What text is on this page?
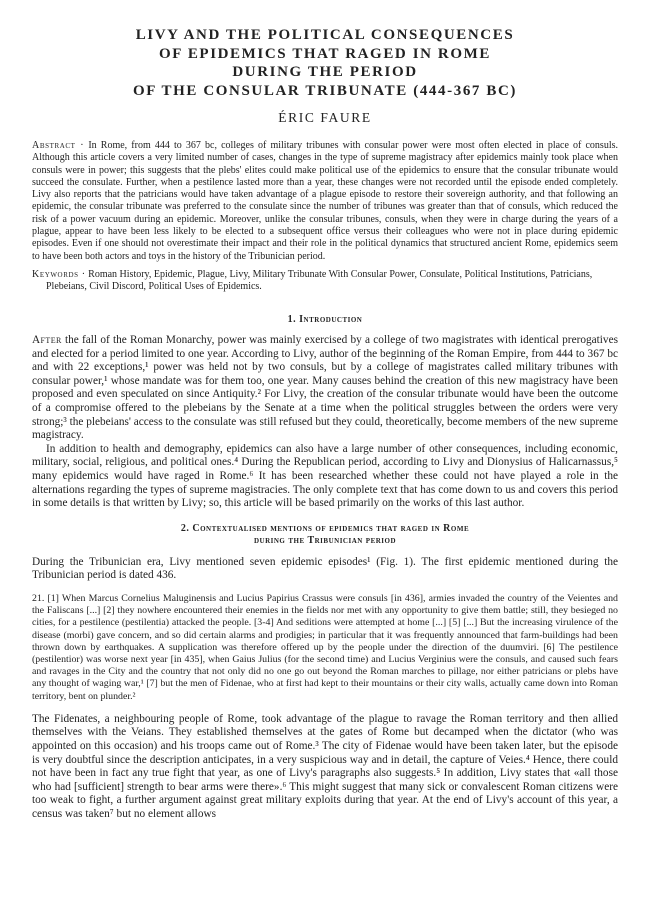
LIVY AND THE POLITICAL CONSEQUENCES
OF EPIDEMICS THAT RAGED IN ROME
DURING THE PERIOD
OF THE CONSULAR TRIBUNATE (444-367 BC)
ÉRIC FAURE
Abstract · In Rome, from 444 to 367 bc, colleges of military tribunes with consular power were most often elected in place of consuls. Although this article covers a very limited number of cases, changes in the type of supreme magistracy after epidemics mainly took place when consuls were in power; this suggests that the plebs' elites could make political use of the epidemics to ensure that the consular tribunate would succeed the consulate. Further, when a pestilence lasted more than a year, these changes were not recorded until the episode ended completely. Livy also reports that the patricians would have taken advantage of a plague episode to restore their sovereign authority, and that following an epidemic, the consular tribunate was preferred to the consulate since the number of tribunes was greater than that of consuls, which reduced the risk of a power vacuum during an epidemic. Moreover, unlike the consular tribunes, consuls, when they were in charge during the years of a plague, appear to have been less likely to be elected to a subsequent office versus their colleagues who were not in place during epidemic episodes. Even if one should not overestimate their impact and their role in the political dynamics that structured ancient Rome, epidemics seem to have been both actors and toys in the history of the Tribunician period.
Keywords · Roman History, Epidemic, Plague, Livy, Military Tribunate With Consular Power, Consulate, Political Institutions, Patricians, Plebeians, Civil Discord, Political Uses of Epidemics.
1. Introduction

After the fall of the Roman Monarchy, power was mainly exercised by a college of two magistrates with identical prerogatives and elected for a period limited to one year. According to Livy, author of the beginning of the Roman Empire, from 444 to 367 bc and with 22 exceptions,¹ power was held not by two consuls, but by a college of magistrates called military tribunes with consular power,¹ whose mandate was for them too, one year. Many causes behind the creation of this new magistracy have been proposed and even speculated on since Antiquity.² For Livy, the creation of the consular tribunate would have been the outcome of a compromise offered to the plebeians by the Senate at a time when the political struggles between the orders were very strong;³ the plebeians' access to the consulate was still refused but they could, theoretically, become members of the new supreme magistracy.

In addition to health and demography, epidemics can also have a large number of other consequences, including economic, military, social, religious, and political ones.⁴ During the Republican period, according to Livy and Dionysius of Halicarnassus,⁵ many epidemics would have raged in Rome.⁶ It has been researched whether these could not have played a role in the alternations regarding the types of supreme magistracies. The only complete text that has come down to us and covers this period in some details is that written by Livy; so, this article will be based primarily on the works of this last author.

2. Contextualised mentions of epidemics that raged in Rome
during the Tribunician period

During the Tribunician era, Livy mentioned seven epidemic episodes¹ (Fig. 1). The first epidemic mentioned during the Tribunician period is dated 436.

21. [1] When Marcus Cornelius Maluginensis and Lucius Papirius Crassus were consuls [in 436], armies invaded the country of the Veientes and the Faliscans [...] [2] they nowhere encountered their enemies in the fields nor met with any opportunity to give them battle; still, they besieged no cities, for a pestilence (pestilentia) attacked the people. [3-4] And seditions were attempted at home [...] [5] [...] But the increasing virulence of the disease (morbi) gave concern, and so did certain alarms and prodigies; in particular that it was frequently announced that farm-buildings had been thrown down by earthquakes. A supplication was therefore offered up by the people under the direction of the duumviri. [6] The pestilence (pestilentior) was worse next year [in 435], when Gaius Julius (for the second time) and Lucius Verginius were the consuls, and caused such fears and ravages in the City and the country that not only did no one go out beyond the Roman marches to pillage, nor either patricians or plebs have any thought of waging war,¹ [7] but the men of Fidenae, who at first had kept to their mountains or their city walls, actually came down into Roman territory, bent on plunder.²

The Fidenates, a neighbouring people of Rome, took advantage of the plague to ravage the Roman territory and then allied themselves with the Veians. They established themselves at the gates of Rome but decamped when the dictator (who was appointed on this occasion) and his troops came out of Rome.³ The city of Fidenae would have been taken later, but the episode is very doubtful since the description anticipates, in a very suspicious way and in detail, the capture of Veies.⁴ Hence, there could not have been in fact any true fight that year, as one of Livy's paragraphs also suggests.⁵ In addition, Livy states that «all those who had [sufficient] strength to bear arms were there».⁶ This might suggest that many sick or convalescent Roman citizens were too weak to fight, a further argument against great military exploits during that year. At the end of Livy's account of this year, a census was taken⁷ but no element allows
